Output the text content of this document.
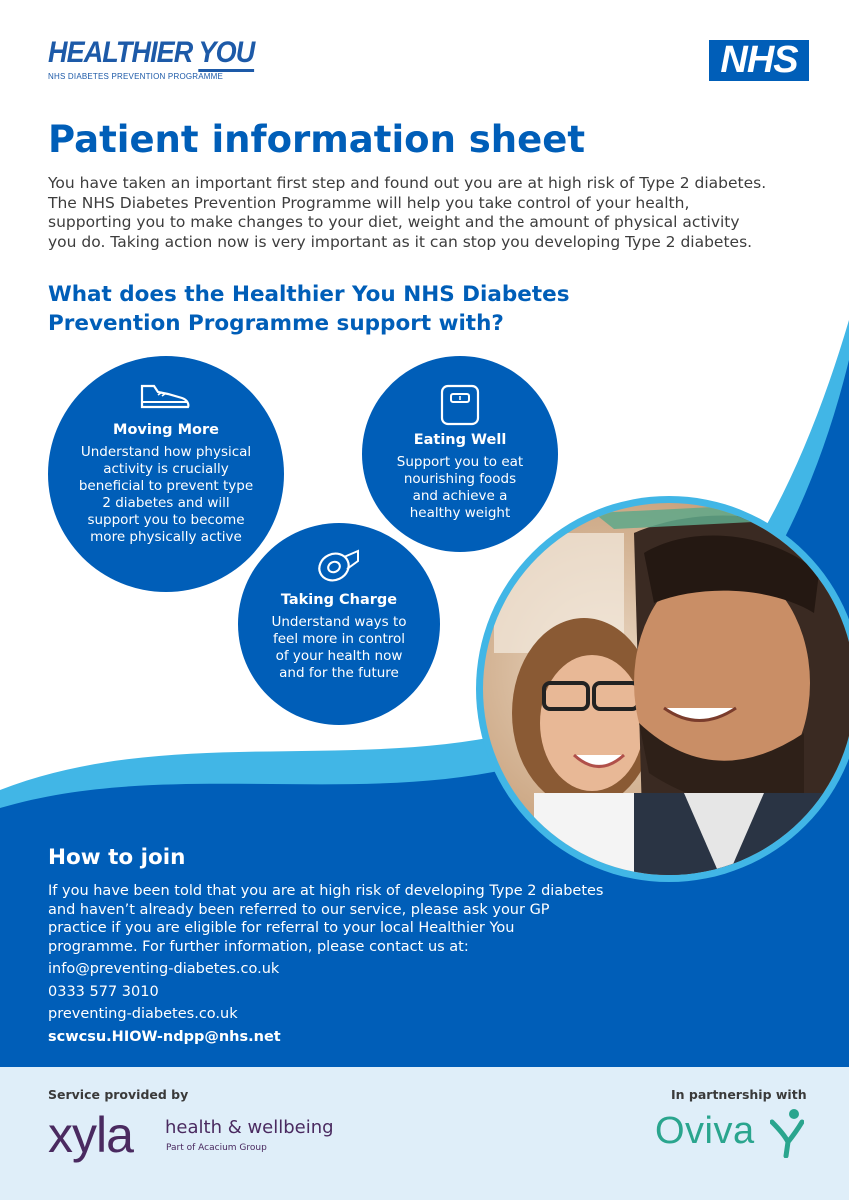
HEALTHIER YOU
NHS DIABETES PREVENTION PROGRAMME	NHS
Patient information sheet
You have taken an important first step and found out you are at high risk of Type 2 diabetes. The NHS Diabetes Prevention Programme will help you take control of your health, supporting you to make changes to your diet, weight and the amount of physical activity you do. Taking action now is very important as it can stop you developing Type 2 diabetes.
What does the Healthier You NHS Diabetes Prevention Programme support with?
Moving More
Understand how physical activity is crucially beneficial to prevent type 2 diabetes and will support you to become more physically active
Eating Well
Support you to eat nourishing foods and achieve a healthy weight
Taking Charge
Understand ways to feel more in control of your health now and for the future
How to join
If you have been told that you are at high risk of developing Type 2 diabetes and haven’t already been referred to our service, please ask your GP practice if you are eligible for referral to your local Healthier You programme. For further information, please contact us at:
info@preventing-diabetes.co.uk
0333 577 3010
preventing-diabetes.co.uk
scwcsu.HIOW-ndpp@nhs.net
Service provided by
xyla health & wellbeing
Part of Acacium Group
In partnership with
Oviva
